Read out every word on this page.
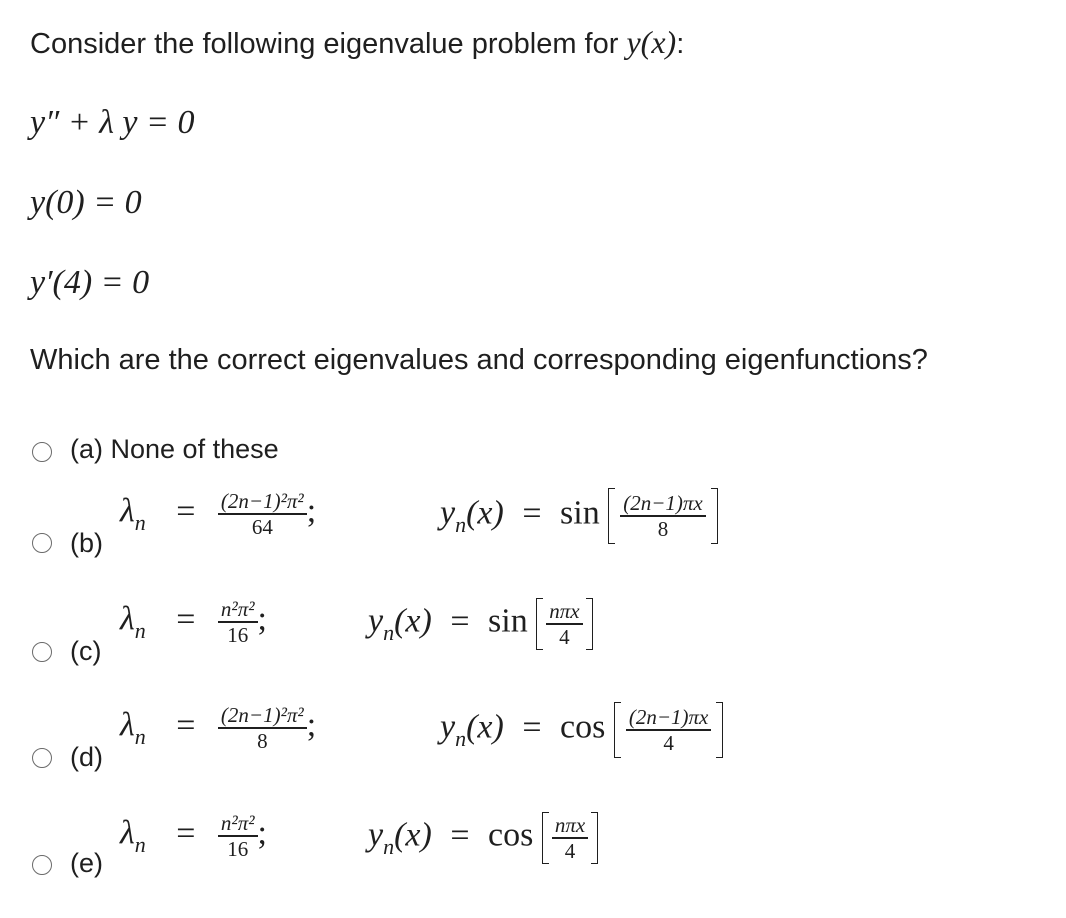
Consider the following eigenvalue problem for y(x):
y″ + λ y = 0
y(0) = 0
y′(4) = 0
Which are the correct eigenvalues and corresponding eigenfunctions?
(a) None of these
(b)
$\lambda_n = \frac{\text{(2n−1)²π²}}{64}$ ;	$y_n(x) = \sin \frac{(2n-1)\pi x}{8}$
(c)
$\lambda_n = \frac{\text{n²π²}}{16}$ ;	$y_n(x) = \sin \frac{\text{nπx}}{4}$
(d)
$\lambda_n = \frac{\text{(2n−1)²π²}}{8}$ ;	$y_n(x) = \cos \frac{(2n-1)\pi x}{4}$
(e)
$\lambda_n = \frac{\text{n²π²}}{16}$ ;	$y_n(x) = \cos \frac{\text{nπx}}{4}$
